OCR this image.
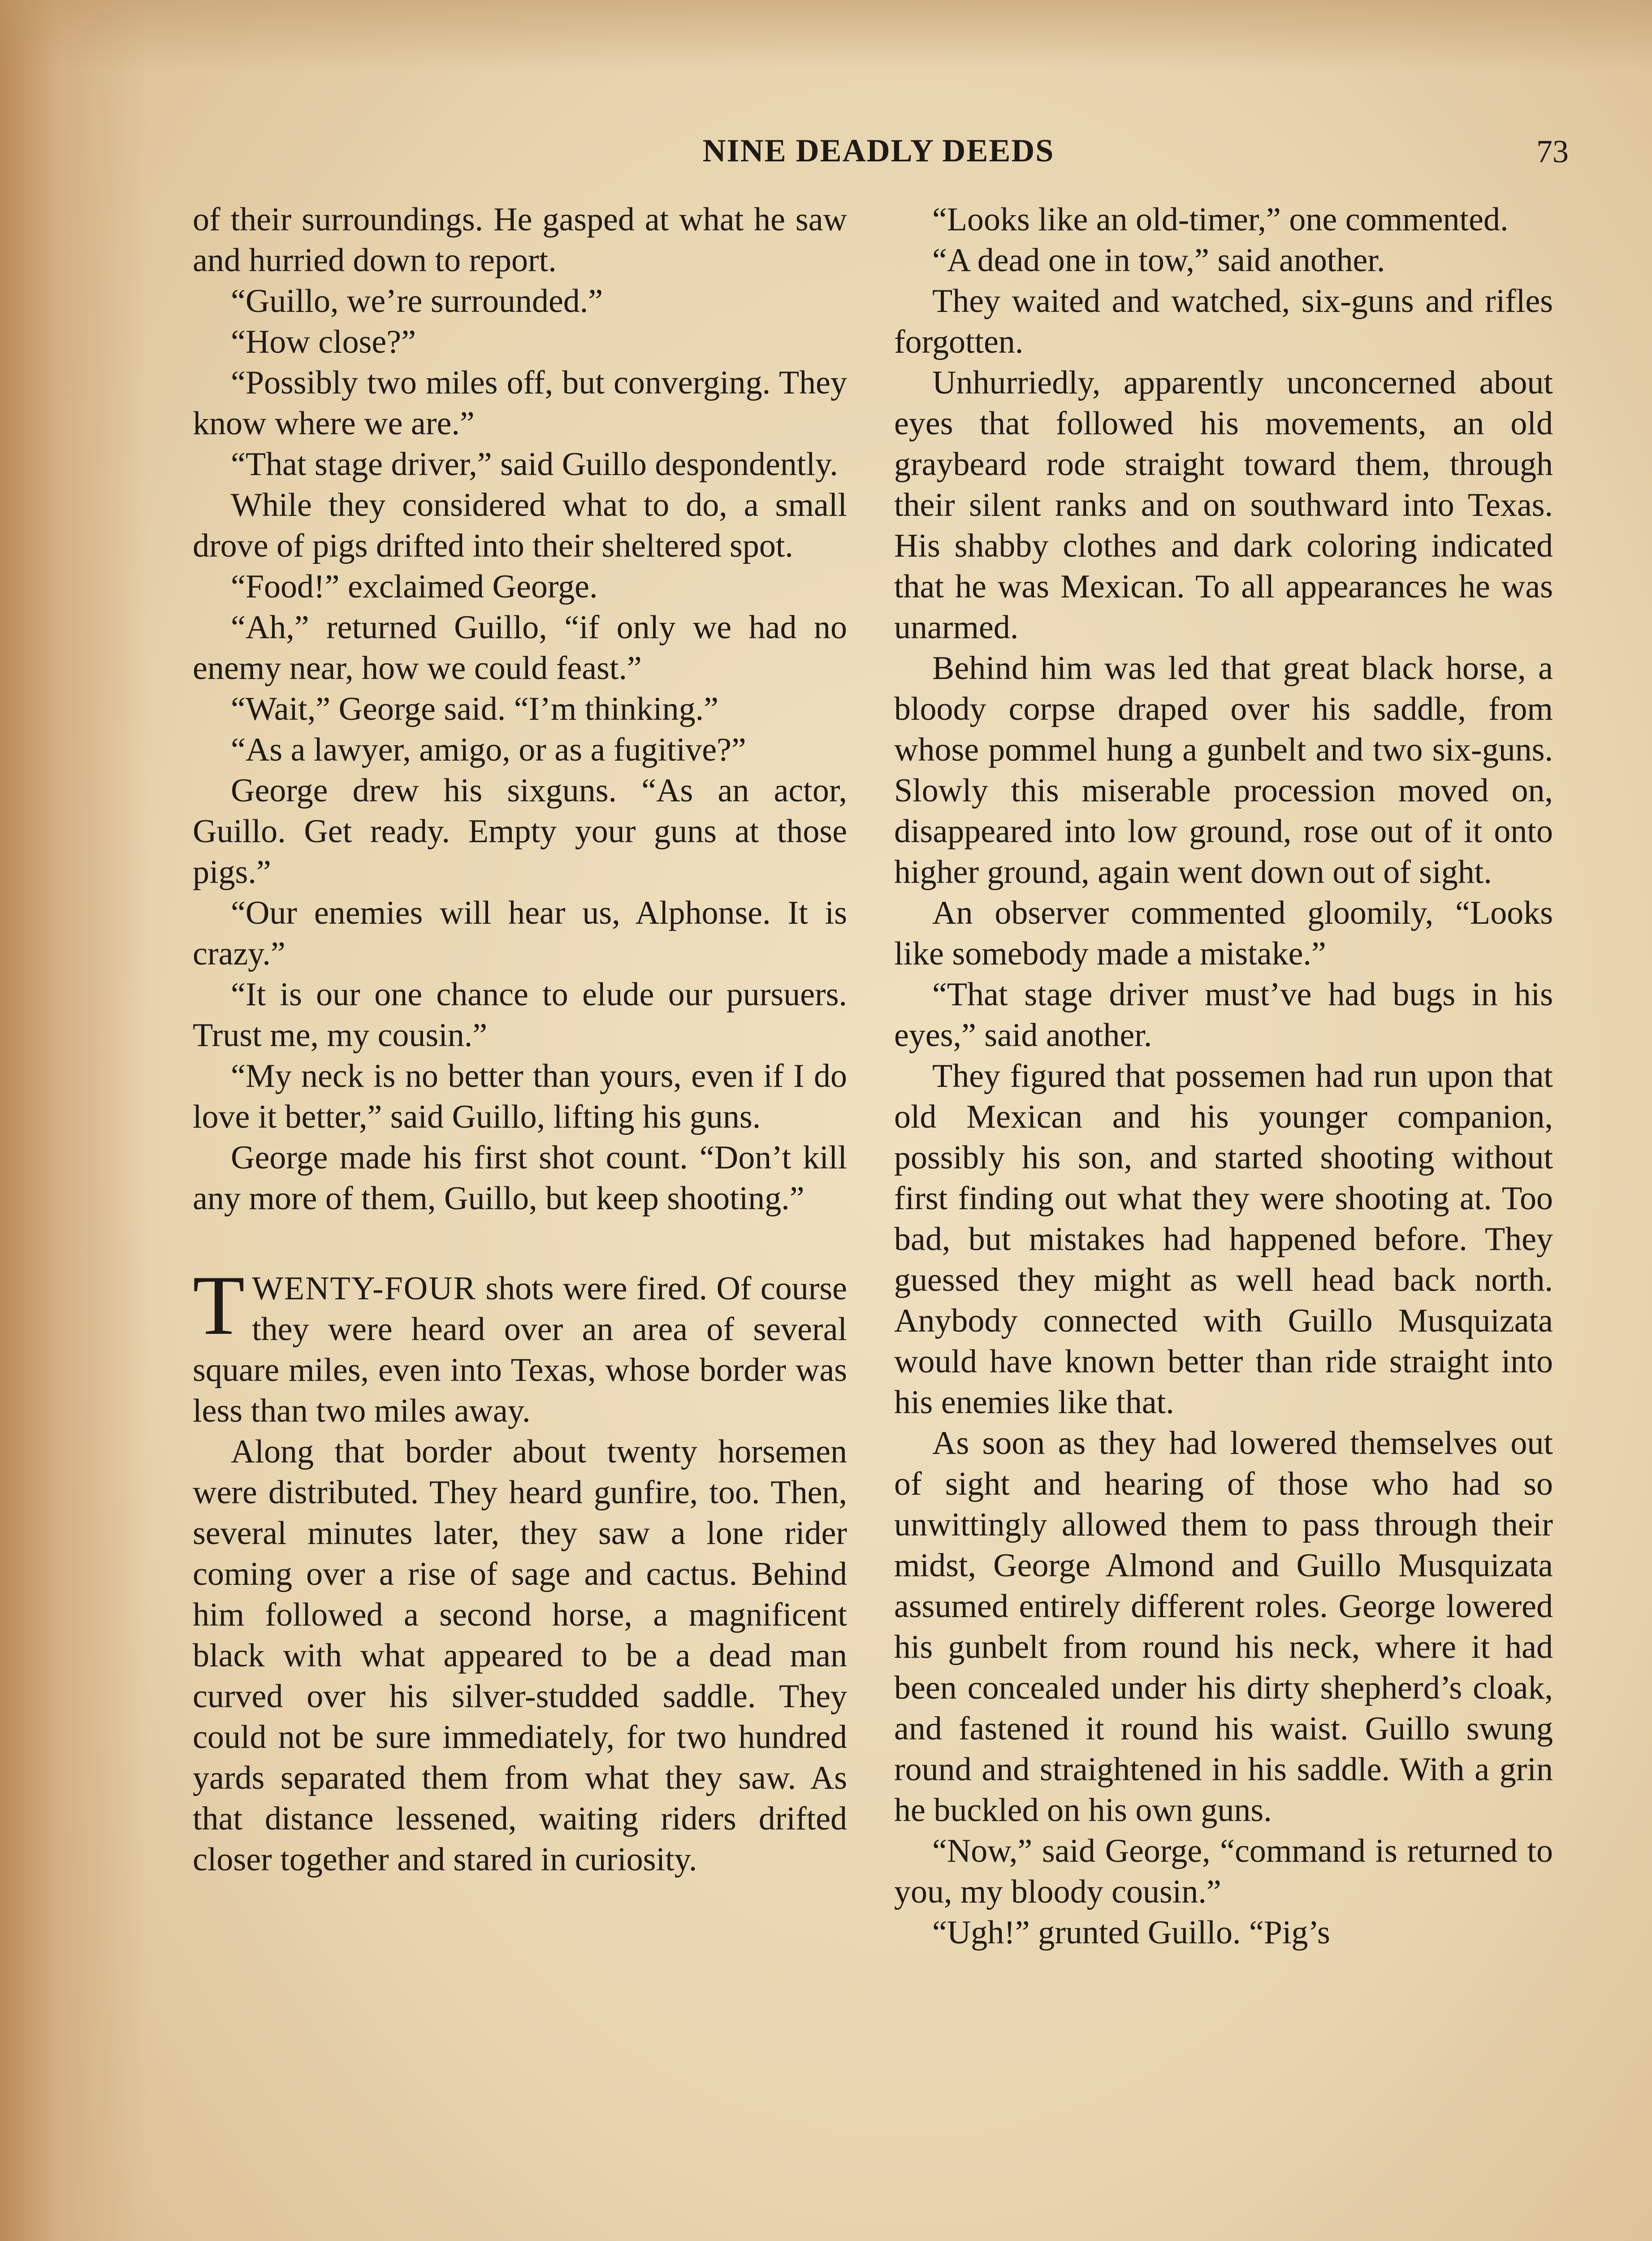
NINE DEADLY DEEDS	73

of their surroundings. He gasped at what he saw and hurried down to report.

“Guillo, we’re surrounded.”

“How close?”

“Possibly two miles off, but converging. They know where we are.”

“That stage driver,” said Guillo despondently.

While they considered what to do, a small drove of pigs drifted into their sheltered spot.

“Food!” exclaimed George.

“Ah,” returned Guillo, “if only we had no enemy near, how we could feast.”

“Wait,” George said. “I’m thinking.”

“As a lawyer, amigo, or as a fugitive?”

George drew his sixguns. “As an actor, Guillo. Get ready. Empty your guns at those pigs.”

“Our enemies will hear us, Alphonse. It is crazy.”

“It is our one chance to elude our pursuers. Trust me, my cousin.”

“My neck is no better than yours, even if I do love it better,” said Guillo, lifting his guns.

George made his first shot count. “Don’t kill any more of them, Guillo, but keep shooting.”

TWENTY-FOUR shots were fired. Of course they were heard over an area of several square miles, even into Texas, whose border was less than two miles away.

Along that border about twenty horsemen were distributed. They heard gunfire, too. Then, several minutes later, they saw a lone rider coming over a rise of sage and cactus. Behind him followed a second horse, a magnificent black with what appeared to be a dead man curved over his silver-studded saddle. They could not be sure immediately, for two hundred yards separated them from what they saw. As that distance lessened, waiting riders drifted closer together and stared in curiosity.

“Looks like an old-timer,” one commented.

“A dead one in tow,” said another.

They waited and watched, six-guns and rifles forgotten.

Unhurriedly, apparently unconcerned about eyes that followed his movements, an old graybeard rode straight toward them, through their silent ranks and on southward into Texas. His shabby clothes and dark coloring indicated that he was Mexican. To all appearances he was unarmed.

Behind him was led that great black horse, a bloody corpse draped over his saddle, from whose pommel hung a gunbelt and two six-guns. Slowly this miserable procession moved on, disappeared into low ground, rose out of it onto higher ground, again went down out of sight.

An observer commented gloomily, “Looks like somebody made a mistake.”

“That stage driver must’ve had bugs in his eyes,” said another.

They figured that possemen had run upon that old Mexican and his younger companion, possibly his son, and started shooting without first finding out what they were shooting at. Too bad, but mistakes had happened before. They guessed they might as well head back north. Anybody connected with Guillo Musquizata would have known better than ride straight into his enemies like that.

As soon as they had lowered themselves out of sight and hearing of those who had so unwittingly allowed them to pass through their midst, George Almond and Guillo Musquizata assumed entirely different roles. George lowered his gunbelt from round his neck, where it had been concealed under his dirty shepherd’s cloak, and fastened it round his waist. Guillo swung round and straightened in his saddle. With a grin he buckled on his own guns.

“Now,” said George, “command is returned to you, my bloody cousin.”

“Ugh!” grunted Guillo. “Pig’s
